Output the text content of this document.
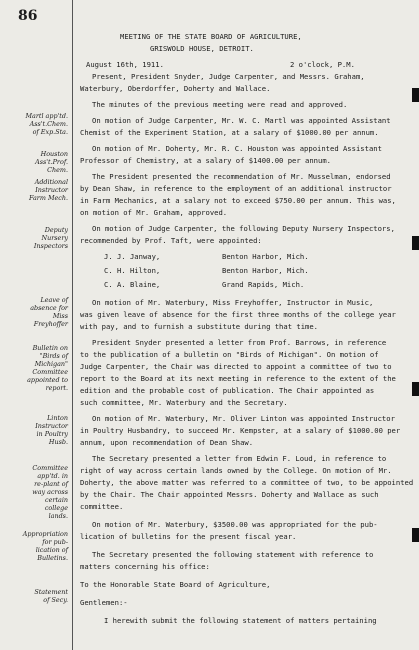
86
MEETING OF THE STATE BOARD OF AGRICULTURE,
GRISWOLD HOUSE, DETROIT.
August 16th, 1911.	2 o'clock, P.M.
Present, President Snyder, Judge Carpenter, and Messrs. Graham,
Waterbury, Oberdorffer, Doherty and Wallace.
The minutes of the previous meeting were read and approved.
On motion of Judge Carpenter, Mr. W. C. Martl was appointed Assistant
Chemist of the Experiment Station, at a salary of $1000.00 per annum.
On motion of Mr. Doherty, Mr. R. C. Houston was appointed Assistant
Professor of Chemistry, at a salary of $1400.00 per annum.
The President presented the recommendation of Mr. Musselman, endorsed
by Dean Shaw, in reference to the employment of an additional instructor
in Farm Mechanics, at a salary not to exceed $750.00 per annum. This was,
on motion of Mr. Graham, approved.
On motion of Judge Carpenter, the following Deputy Nursery Inspectors,
recommended by Prof. Taft, were appointed:
J. J. Janway,	Benton Harbor, Mich.
C. H. Hilton,	Benton Harbor, Mich.
C. A. Blaine,	Grand Rapids, Mich.
On motion of Mr. Waterbury, Miss Freyhoffer, Instructor in Music,
was given leave of absence for the first three months of the college year
with pay, and to furnish a substitute during that time.
President Snyder presented a letter from Prof. Barrows, in reference
to the publication of a bulletin on "Birds of Michigan". On motion of
Judge Carpenter, the Chair was directed to appoint a committee of two to
report to the Board at its next meeting in reference to the extent of the
edition and the probable cost of publication. The Chair appointed as
such committee, Mr. Waterbury and the Secretary.
On motion of Mr. Waterbury, Mr. Oliver Linton was appointed Instructor
in Poultry Husbandry, to succeed Mr. Kempster, at a salary of $1000.00 per
annum, upon recommendation of Dean Shaw.
The Secretary presented a letter from Edwin F. Loud, in reference to
right of way across certain lands owned by the College. On motion of Mr.
Doherty, the above matter was referred to a committee of two, to be appointed
by the Chair. The Chair appointed Messrs. Doherty and Wallace as such
committee.
On motion of Mr. Waterbury, $3500.00 was appropriated for the pub-
lication of bulletins for the present fiscal year.
The Secretary presented the following statement with reference to
matters concerning his office:
To the Honorable State Board of Agriculture,
Gentlemen:-
I herewith submit the following statement of matters pertaining
Martl app'td.
Ass't.Chem.
of Exp.Sta.
Houston
Ass't.Prof.
Chem.
Additional
Instructor
Farm Mech.
Deputy
Nursery
Inspectors
Leave of
absence for
Miss
Freyhoffer
Bulletin on
"Birds of
Michigan"
Committee
appointed to
report.
Linton
Instructor
in Poultry
Husb.
Committee
app'td. in
re-plant of
way across
certain
college
lands.
Appropriation
for pub-
lication of
Bulletins.
Statement
of Secy.
